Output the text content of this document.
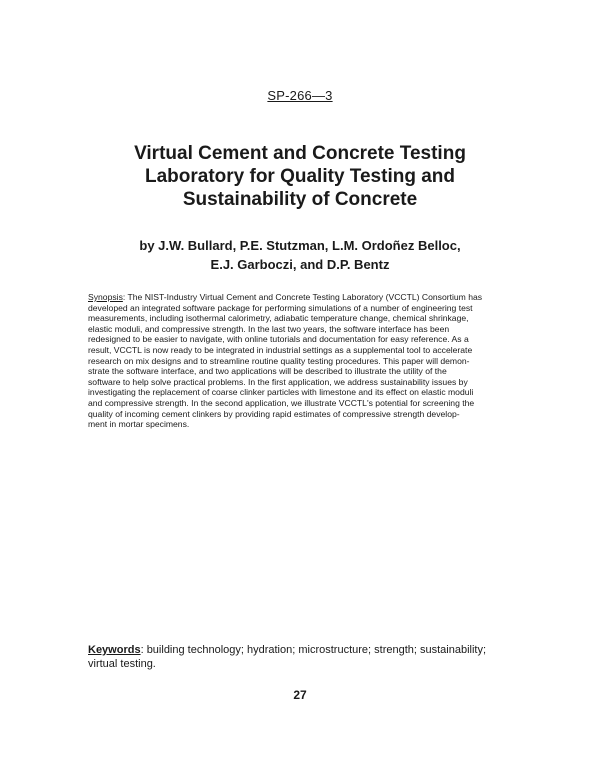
SP-266—3
Virtual Cement and Concrete Testing
Laboratory for Quality Testing and
Sustainability of Concrete
by J.W. Bullard, P.E. Stutzman, L.M. Ordoñez Belloc,
E.J. Garboczi, and D.P. Bentz
Synopsis: The NIST-Industry Virtual Cement and Concrete Testing Laboratory (VCCTL) Consortium has
developed an integrated software package for performing simulations of a number of engineering test
measurements, including isothermal calorimetry, adiabatic temperature change, chemical shrinkage,
elastic moduli, and compressive strength. In the last two years, the software interface has been
redesigned to be easier to navigate, with online tutorials and documentation for easy reference. As a
result, VCCTL is now ready to be integrated in industrial settings as a supplemental tool to accelerate
research on mix designs and to streamline routine quality testing procedures. This paper will demon-
strate the software interface, and two applications will be described to illustrate the utility of the
software to help solve practical problems. In the first application, we address sustainability issues by
investigating the replacement of coarse clinker particles with limestone and its effect on elastic moduli
and compressive strength. In the second application, we illustrate VCCTL's potential for screening the
quality of incoming cement clinkers by providing rapid estimates of compressive strength develop-
ment in mortar specimens.
Keywords: building technology; hydration; microstructure; strength; sustainability;
virtual testing.
27
